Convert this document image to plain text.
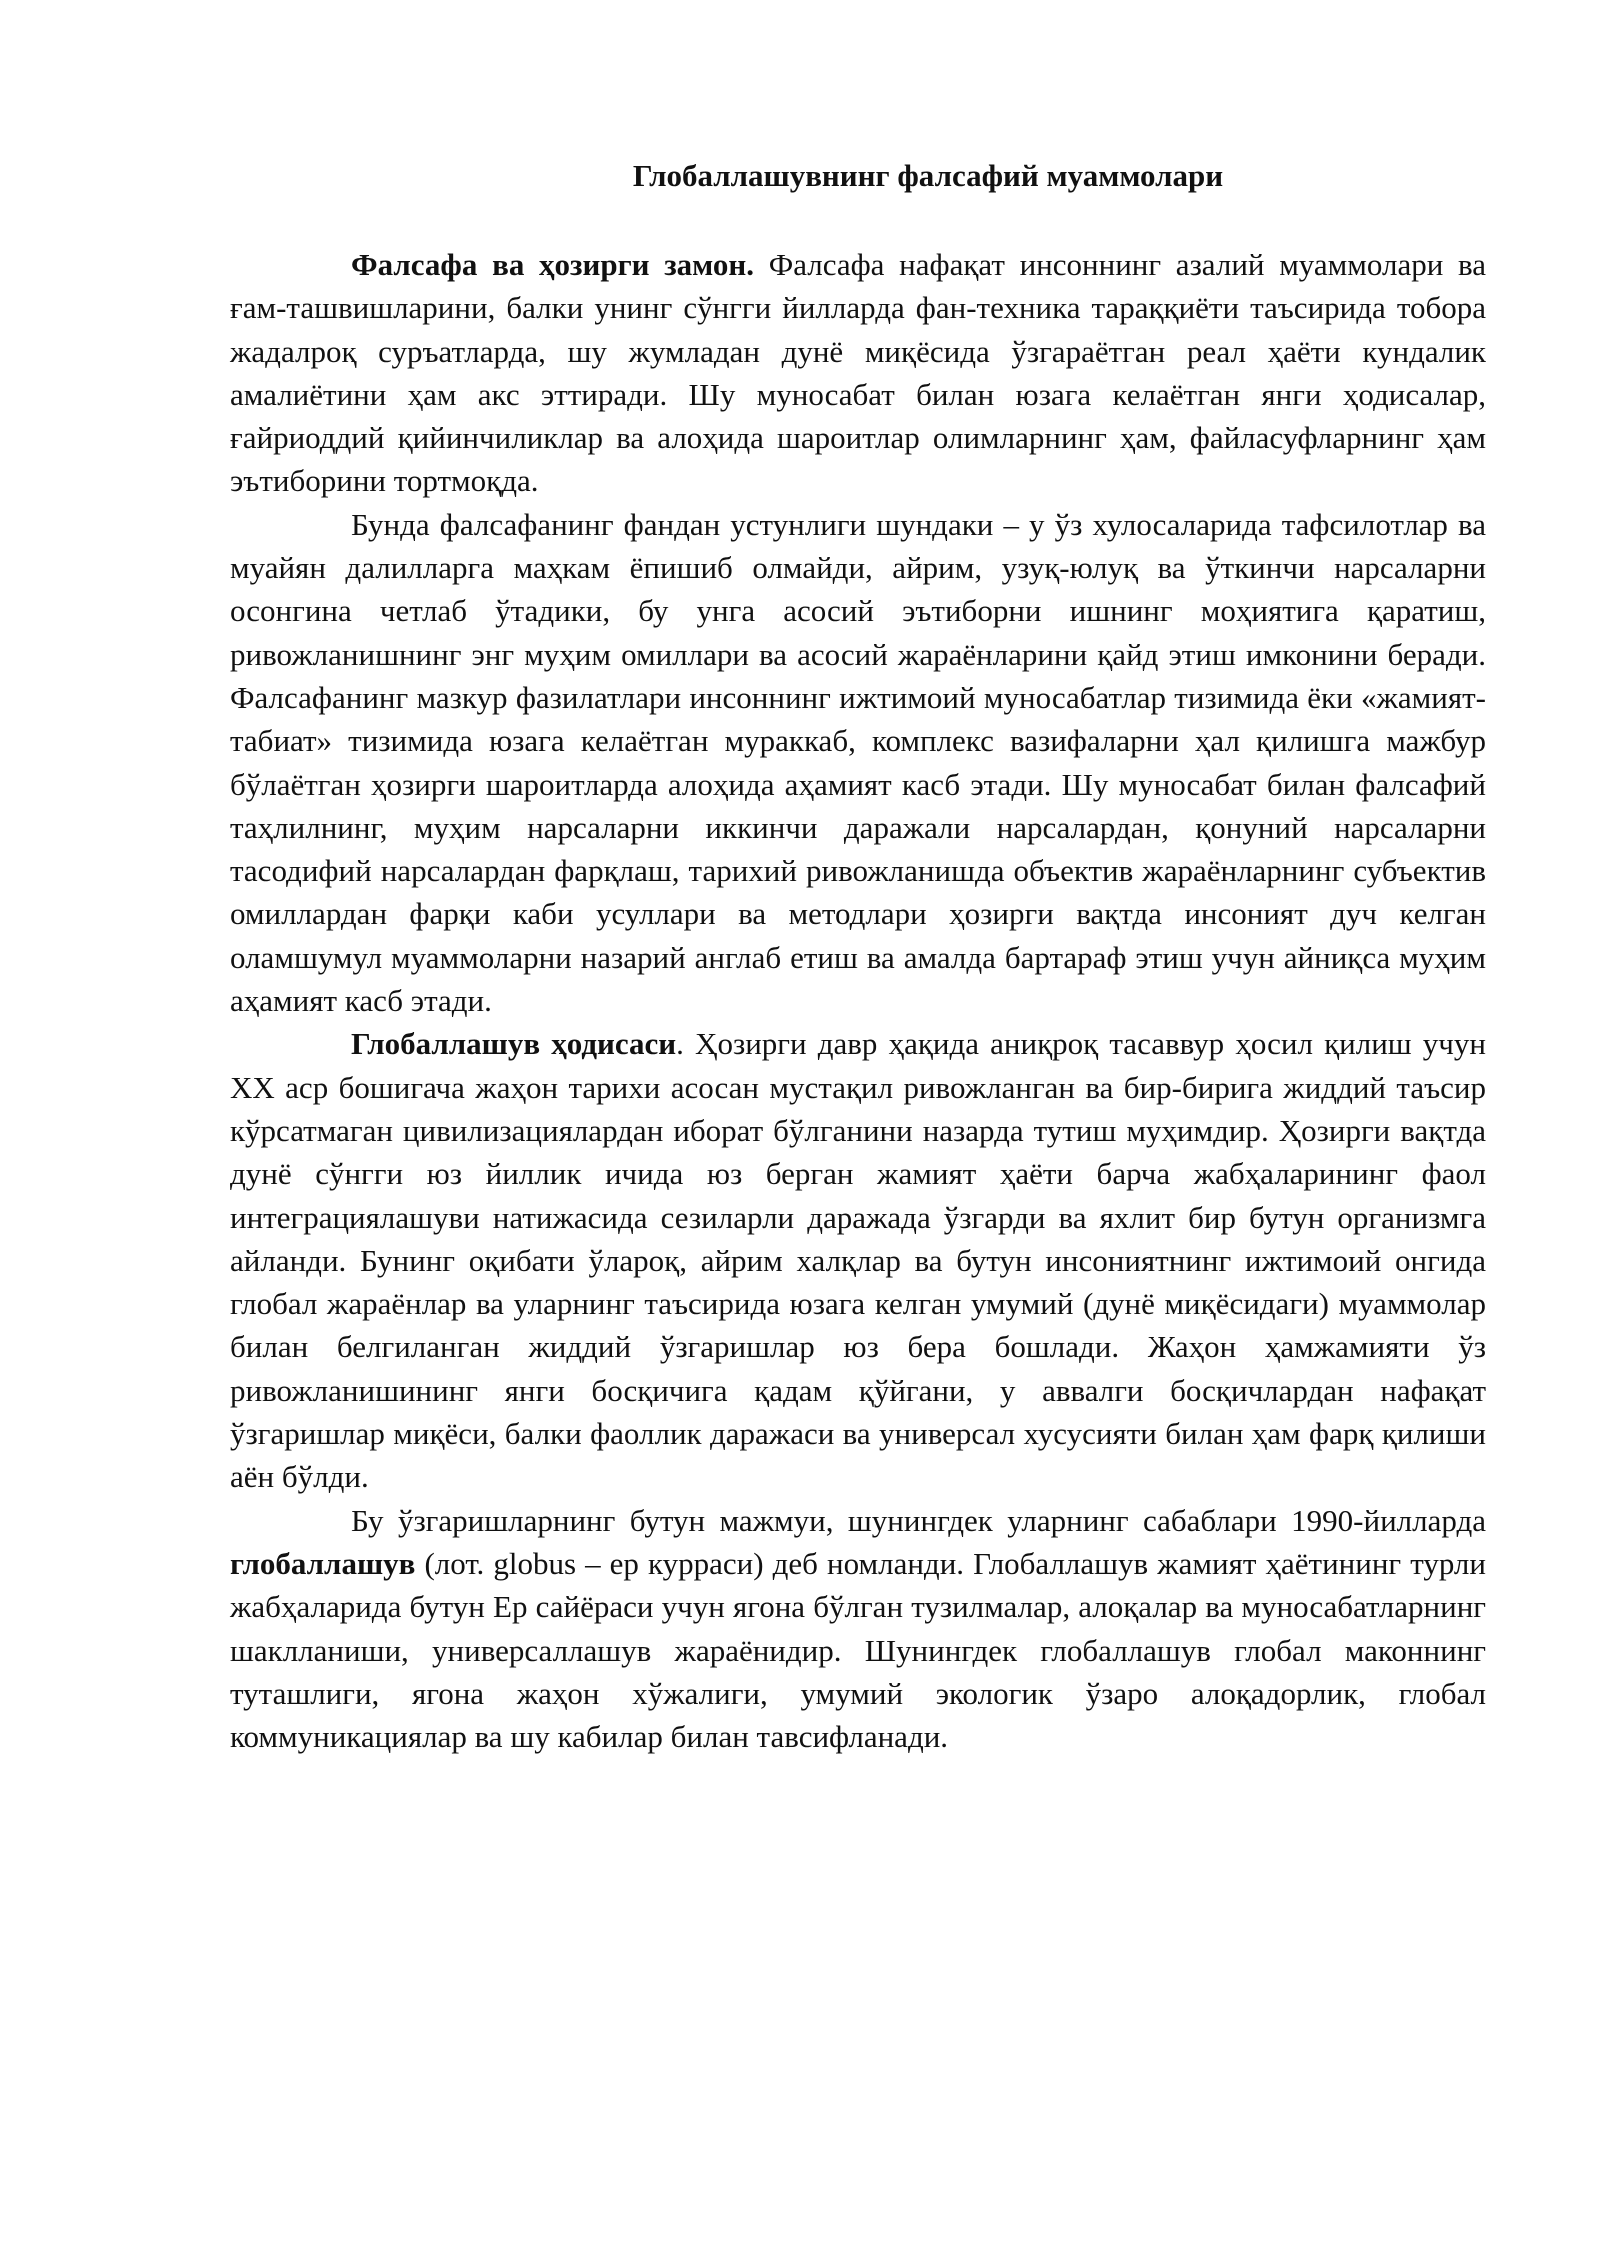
Глобаллашувнинг фалсафий муаммолари

Фалсафа ва ҳозирги замон. Фалсафа нафақат инсоннинг азалий муаммолари ва ғам-ташвишларини, балки унинг сўнгги йилларда фан-техника тараққиёти таъсирида тобора жадалроқ суръатларда, шу жумладан дунё миқёсида ўзгараётган реал ҳаёти кундалик амалиётини ҳам акс эттиради. Шу муносабат билан юзага келаётган янги ҳодисалар, ғайриоддий қийинчиликлар ва алоҳида шароитлар олимларнинг ҳам, файласуфларнинг ҳам эътиборини тортмоқда.

Бунда фалсафанинг фандан устунлиги шундаки – у ўз хулосаларида тафсилотлар ва муайян далилларга маҳкам ёпишиб олмайди, айрим, узуқ-юлуқ ва ўткинчи нарсаларни осонгина четлаб ўтадики, бу унга асосий эътиборни ишнинг моҳиятига қаратиш, ривожланишнинг энг муҳим омиллари ва асосий жараёнларини қайд этиш имконини беради. Фалсафанинг мазкур фазилатлари инсоннинг ижтимоий муносабатлар тизимида ёки «жамият-табиат» тизимида юзага келаётган мураккаб, комплекс вазифаларни ҳал қилишга мажбур бўлаётган ҳозирги шароитларда алоҳида аҳамият касб этади. Шу муносабат билан фалсафий таҳлилнинг, муҳим нарсаларни иккинчи даражали нарсалардан, қонуний нарсаларни тасодифий нарсалардан фарқлаш, тарихий ривожланишда объектив жараёнларнинг субъектив омиллардан фарқи каби усуллари ва методлари ҳозирги вақтда инсоният дуч келган оламшумул муаммоларни назарий англаб етиш ва амалда бартараф этиш учун айниқса муҳим аҳамият касб этади.

Глобаллашув ҳодисаси. Ҳозирги давр ҳақида аниқроқ тасаввур ҳосил қилиш учун XX аср бошигача жаҳон тарихи асосан мустақил ривожланган ва бир-бирига жиддий таъсир кўрсатмаган цивилизациялардан иборат бўлганини назарда тутиш муҳимдир. Ҳозирги вақтда дунё сўнгги юз йиллик ичида юз берган жамият ҳаёти барча жабҳаларининг фаол интеграциялашуви натижасида сезиларли даражада ўзгарди ва яхлит бир бутун организмга айланди. Бунинг оқибати ўлароқ, айрим халқлар ва бутун инсониятнинг ижтимоий онгида глобал жараёнлар ва уларнинг таъсирида юзага келган умумий (дунё миқёсидаги) муаммолар билан белгиланган жиддий ўзгаришлар юз бера бошлади. Жаҳон ҳамжамияти ўз ривожланишининг янги босқичига қадам қўйгани, у аввалги босқичлардан нафақат ўзгаришлар миқёси, балки фаоллик даражаси ва универсал хусусияти билан ҳам фарқ қилиши аён бўлди.

Бу ўзгаришларнинг бутун мажмуи, шунингдек уларнинг сабаблари 1990-йилларда глобаллашув (лот. globus – ер курраси) деб номланди. Глобаллашув жамият ҳаётининг турли жабҳаларида бутун Ер сайёраси учун ягона бўлган тузилмалар, алоқалар ва муносабатларнинг шаклланиши, универсаллашув жараёнидир. Шунингдек глобаллашув глобал маконнинг туташлиги, ягона жаҳон хўжалиги, умумий экологик ўзаро алоқадорлик, глобал коммуникациялар ва шу кабилар билан тавсифланади.
